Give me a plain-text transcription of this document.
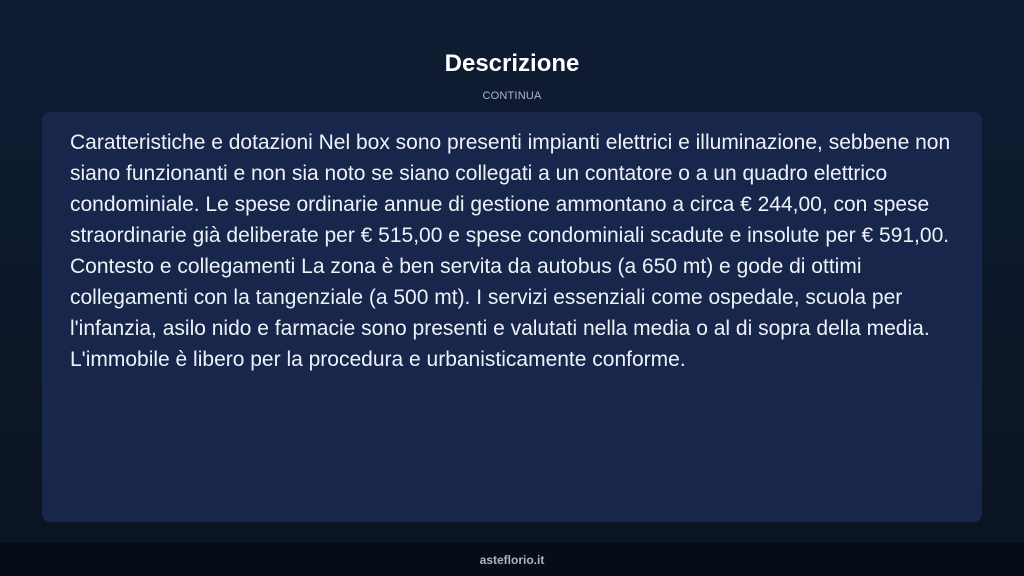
Descrizione
CONTINUA

Caratteristiche e dotazioni Nel box sono presenti impianti elettrici e illuminazione, sebbene non siano funzionanti e non sia noto se siano collegati a un contatore o a un quadro elettrico condominiale. Le spese ordinarie annue di gestione ammontano a circa € 244,00, con spese straordinarie già deliberate per € 515,00 e spese condominiali scadute e insolute per € 591,00. Contesto e collegamenti La zona è ben servita da autobus (a 650 mt) e gode di ottimi collegamenti con la tangenziale (a 500 mt). I servizi essenziali come ospedale, scuola per l'infanzia, asilo nido e farmacie sono presenti e valutati nella media o al di sopra della media. L'immobile è libero per la procedura e urbanisticamente conforme.

asteflorio.it
